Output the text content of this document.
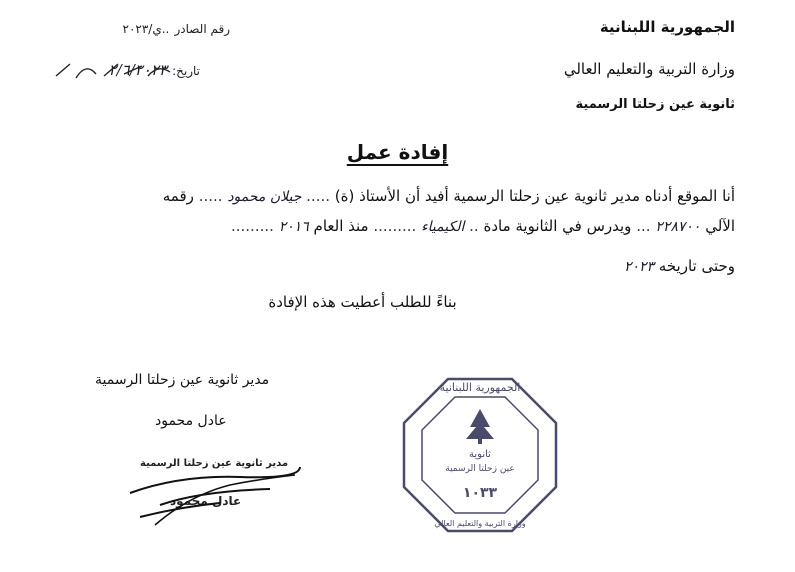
الجمهورية اللبنانية
وزارة التربية والتعليم العالي
ثانوية عين زحلتا الرسمية
رقم الصادر ..ي/٢٠٢٣
تاريخ: ٢/٦/٢٠٢٣
إفادة عمل
أنا الموقع أدناه مدير ثانوية عين زحلتا الرسمية أفيد أن الأستاذ (ة) ..... جيلان محمود ..... رقمه
الآلي ٢٢٨٧٠٠ ... ويدرس في الثانوية مادة .. الكيمياء ......... منذ العام ٢٠١٦ .........
وحتى تاريخه ٢٠٢٣
بناءً للطلب أعطيت هذه الإفادة
مدير ثانوية عين زحلتا الرسمية
عادل محمود
مدير ثانوية عين زحلتا الرسمية
عادل محمود
ثانوية
عين زحلتا الرسمية
١٠٣٣
الجمهورية اللبنانية
وزارة التربية والتعليم العالي
